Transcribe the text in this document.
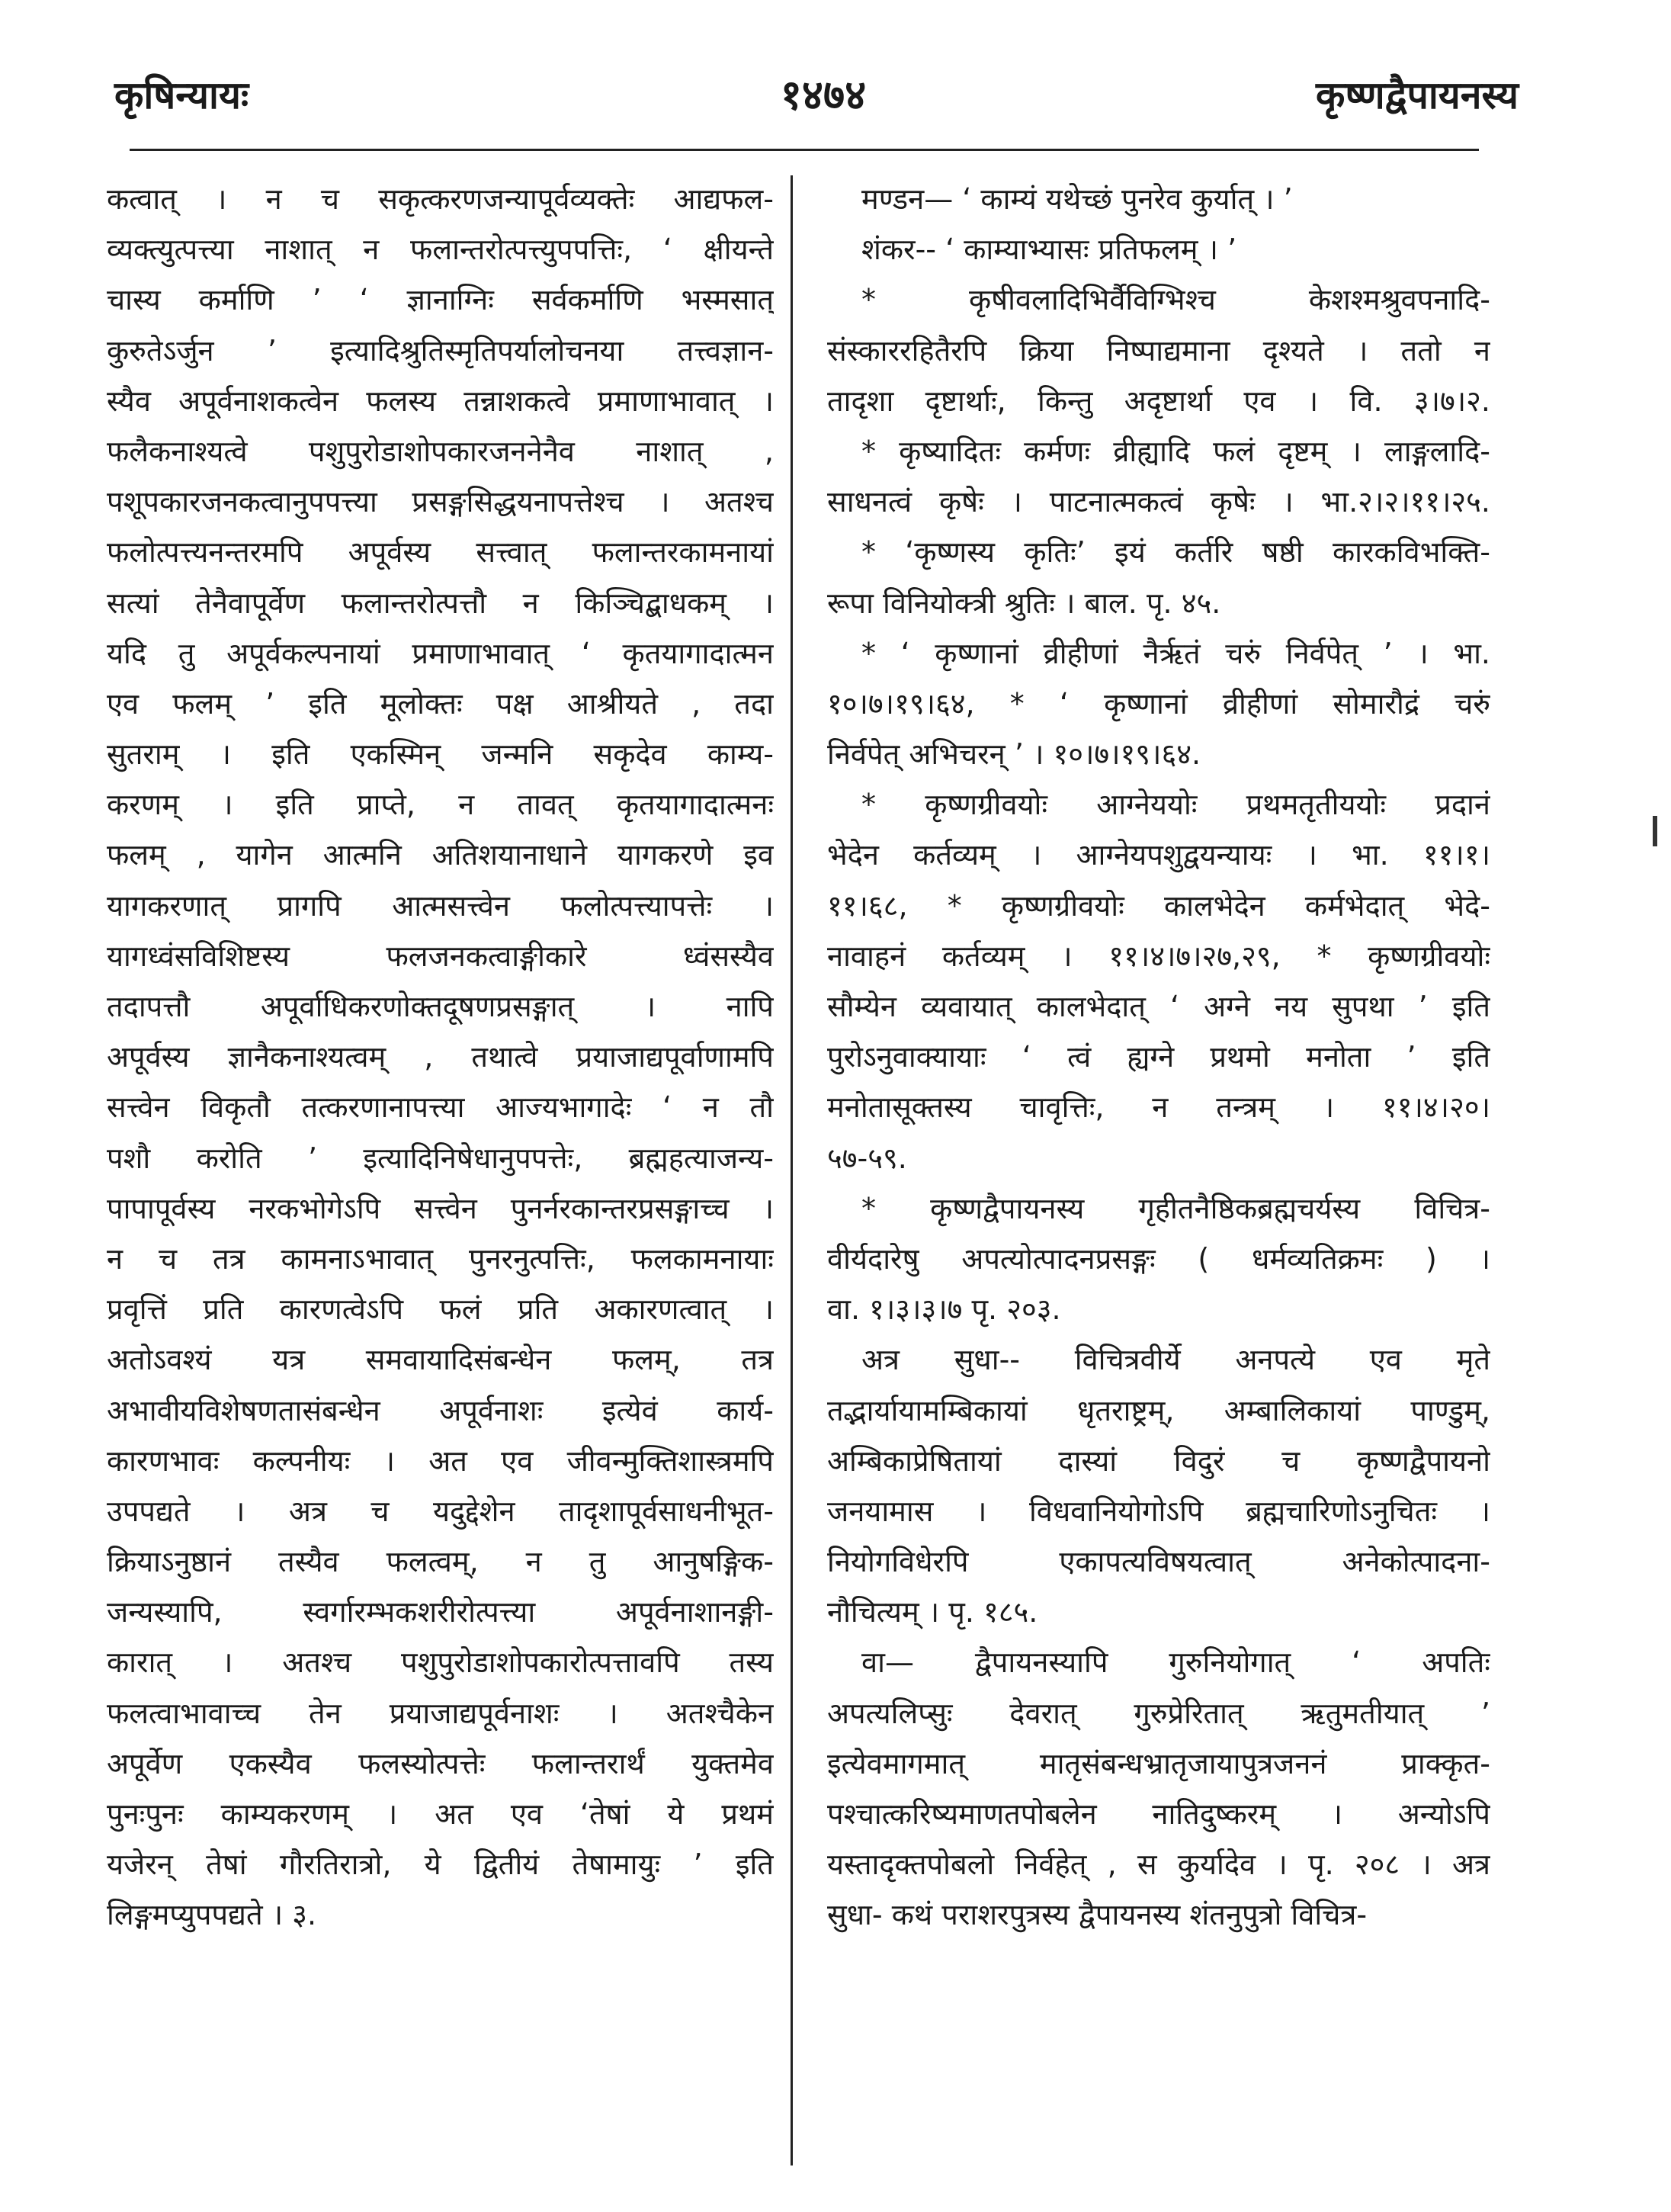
कृषिन्यायः	१४७४	कृष्णद्वैपायनस्य
कत्वात् । न च सकृत्करणजन्यापूर्वव्यक्तेः आद्यफल-
व्यक्त्युत्पत्त्या नाशात् न फलान्तरोत्पत्त्युपपत्तिः, ‘ क्षीयन्ते
चास्य कर्माणि ’ ‘ ज्ञानाग्निः सर्वकर्माणि भस्मसात्
कुरुतेऽर्जुन ’ इत्यादिश्रुतिस्मृतिपर्यालोचनया तत्त्वज्ञान-
स्यैव अपूर्वनाशकत्वेन फलस्य तन्नाशकत्वे प्रमाणाभावात् ।
फलैकनाश्यत्वे पशुपुरोडाशोपकारजननेनैव नाशात् ,
पशूपकारजनकत्वानुपपत्त्या प्रसङ्गसिद्धयनापत्तेश्च । अतश्च
फलोत्पत्त्यनन्तरमपि अपूर्वस्य सत्त्वात् फलान्तरकामनायां
सत्यां तेनैवापूर्वेण फलान्तरोत्पत्तौ न किञ्चिद्बाधकम् ।
यदि तु अपूर्वकल्पनायां प्रमाणाभावात् ‘ कृतयागादात्मन
एव फलम् ’ इति मूलोक्तः पक्ष आश्रीयते , तदा
सुतराम् । इति एकस्मिन् जन्मनि सकृदेव काम्य-
करणम् । इति प्राप्ते, न तावत् कृतयागादात्मनः
फलम् , यागेन आत्मनि अतिशयानाधाने यागकरणे इव
यागकरणात् प्रागपि आत्मसत्त्वेन फलोत्पत्त्यापत्तेः ।
यागध्वंसविशिष्टस्य फलजनकत्वाङ्गीकारे ध्वंसस्यैव
तदापत्तौ अपूर्वाधिकरणोक्तदूषणप्रसङ्गात् । नापि
अपूर्वस्य ज्ञानैकनाश्यत्वम् , तथात्वे प्रयाजाद्यपूर्वाणामपि
सत्त्वेन विकृतौ तत्करणानापत्त्या आज्यभागादेः ‘ न तौ
पशौ करोति ’ इत्यादिनिषेधानुपपत्तेः, ब्रह्महत्याजन्य-
पापापूर्वस्य नरकभोगेऽपि सत्त्वेन पुनर्नरकान्तरप्रसङ्गाच्च ।
न च तत्र कामनाऽभावात् पुनरनुत्पत्तिः, फलकामनायाः
प्रवृत्तिं प्रति कारणत्वेऽपि फलं प्रति अकारणत्वात् ।
अतोऽवश्यं यत्र समवायादिसंबन्धेन फलम्, तत्र
अभावीयविशेषणतासंबन्धेन अपूर्वनाशः इत्येवं कार्य-
कारणभावः कल्पनीयः । अत एव जीवन्मुक्तिशास्त्रमपि
उपपद्यते । अत्र च यदुद्देशेन तादृशापूर्वसाधनीभूत-
क्रियाऽनुष्ठानं तस्यैव फलत्वम्, न तु आनुषङ्गिक-
जन्यस्यापि, स्वर्गारम्भकशरीरोत्पत्त्या अपूर्वनाशानङ्गी-
कारात् । अतश्च पशुपुरोडाशोपकारोत्पत्तावपि तस्य
फलत्वाभावाच्च तेन प्रयाजाद्यपूर्वनाशः । अतश्चैकेन
अपूर्वेण एकस्यैव फलस्योत्पत्तेः फलान्तरार्थं युक्तमेव
पुनःपुनः काम्यकरणम् । अत एव ‘तेषां ये प्रथमं
यजेरन् तेषां गौरतिरात्रो, ये द्वितीयं तेषामायुः ’ इति
लिङ्गमप्युपपद्यते । ३.
मण्डन— ‘ काम्यं यथेच्छं पुनरेव कुर्यात् । ’
शंकर-- ‘ काम्याभ्यासः प्रतिफलम् । ’
* कृषीवलादिभिर्वैविग्भिश्च केशश्मश्रुवपनादि-
संस्काररहितैरपि क्रिया निष्पाद्यमाना दृश्यते । ततो न
तादृशा दृष्टार्थाः, किन्तु अदृष्टार्था एव । वि. ३।७।२.
* कृष्यादितः कर्मणः व्रीह्यादि फलं दृष्टम् । लाङ्गलादि-
साधनत्वं कृषेः । पाटनात्मकत्वं कृषेः । भा.२।२।११।२५.
* ‘कृष्णस्य कृतिः’ इयं कर्तरि षष्ठी कारकविभक्ति-
रूपा विनियोक्त्री श्रुतिः । बाल. पृ. ४५.
* ‘ कृष्णानां व्रीहीणां नैर्ऋतं चरुं निर्वपेत् ’ । भा.
१०।७।१९।६४, * ‘ कृष्णानां व्रीहीणां सोमारौद्रं चरुं
निर्वपेत् अभिचरन् ’ । १०।७।१९।६४.
* कृष्णग्रीवयोः आग्नेययोः प्रथमतृतीययोः प्रदानं
भेदेन कर्तव्यम् । आग्नेयपशुद्वयन्यायः । भा. ११।१।
११।६८, * कृष्णग्रीवयोः कालभेदेन कर्मभेदात् भेदे-
नावाहनं कर्तव्यम् । ११।४।७।२७,२९, * कृष्णग्रीवयोः
सौम्येन व्यवायात् कालभेदात् ‘ अग्ने नय सुपथा ’ इति
पुरोऽनुवाक्यायाः ‘ त्वं ह्यग्ने प्रथमो मनोता ’ इति
मनोतासूक्तस्य चावृत्तिः, न तन्त्रम् । ११।४।२०।
५७-५९.
* कृष्णद्वैपायनस्य गृहीतनैष्ठिकब्रह्मचर्यस्य विचित्र-
वीर्यदारेषु अपत्योत्पादनप्रसङ्गः ( धर्मव्यतिक्रमः ) ।
वा. १।३।३।७ पृ. २०३.
अत्र सुधा-- विचित्रवीर्ये अनपत्ये एव मृते
तद्भार्यायामम्बिकायां धृतराष्ट्रम्, अम्बालिकायां पाण्डुम्,
अम्बिकाप्रेषितायां दास्यां विदुरं च कृष्णद्वैपायनो
जनयामास । विधवानियोगोऽपि ब्रह्मचारिणोऽनुचितः ।
नियोगविधेरपि एकापत्यविषयत्वात् अनेकोत्पादना-
नौचित्यम् । पृ. १८५.
वा— द्वैपायनस्यापि गुरुनियोगात् ‘ अपतिः
अपत्यलिप्सुः देवरात् गुरुप्रेरितात् ऋतुमतीयात् ’
इत्येवमागमात् मातृसंबन्धभ्रातृजायापुत्रजननं प्राक्कृत-
पश्चात्करिष्यमाणतपोबलेन नातिदुष्करम् । अन्योऽपि
यस्तादृक्तपोबलो निर्वहेत् , स कुर्यादेव । पृ. २०८ । अत्र
सुधा- कथं पराशरपुत्रस्य द्वैपायनस्य शंतनुपुत्रो विचित्र-
